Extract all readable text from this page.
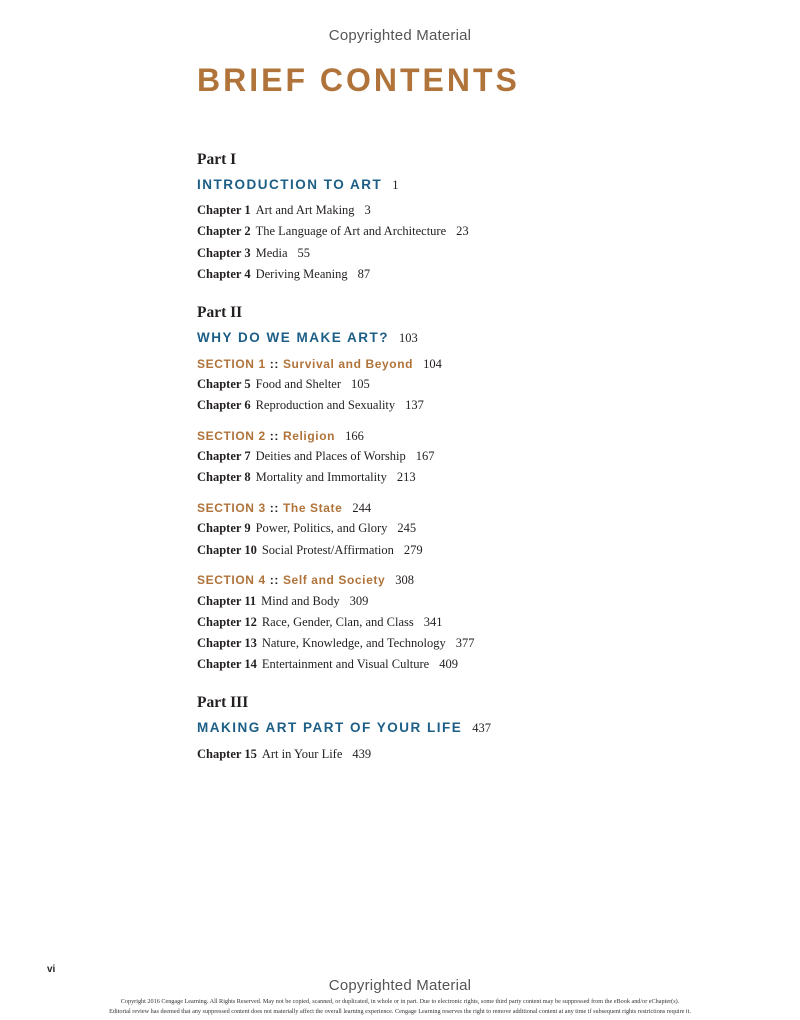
Copyrighted Material
BRIEF CONTENTS
Part I
INTRODUCTION TO ART 1
Chapter 1 Art and Art Making 3
Chapter 2 The Language of Art and Architecture 23
Chapter 3 Media 55
Chapter 4 Deriving Meaning 87
Part II
WHY DO WE MAKE ART? 103
SECTION 1 :: Survival and Beyond 104
Chapter 5 Food and Shelter 105
Chapter 6 Reproduction and Sexuality 137
SECTION 2 :: Religion 166
Chapter 7 Deities and Places of Worship 167
Chapter 8 Mortality and Immortality 213
SECTION 3 :: The State 244
Chapter 9 Power, Politics, and Glory 245
Chapter 10 Social Protest/Affirmation 279
SECTION 4 :: Self and Society 308
Chapter 11 Mind and Body 309
Chapter 12 Race, Gender, Clan, and Class 341
Chapter 13 Nature, Knowledge, and Technology 377
Chapter 14 Entertainment and Visual Culture 409
Part III
MAKING ART PART OF YOUR LIFE 437
Chapter 15 Art in Your Life 439
vi
Copyrighted Material
Copyright 2016 Cengage Learning. All Rights Reserved. May not be copied, scanned, or duplicated, in whole or in part. Due to electronic rights, some third party content may be suppressed from the eBook and/or eChapter(s).
Editorial review has deemed that any suppressed content does not materially affect the overall learning experience. Cengage Learning reserves the right to remove additional content at any time if subsequent rights restrictions require it.
